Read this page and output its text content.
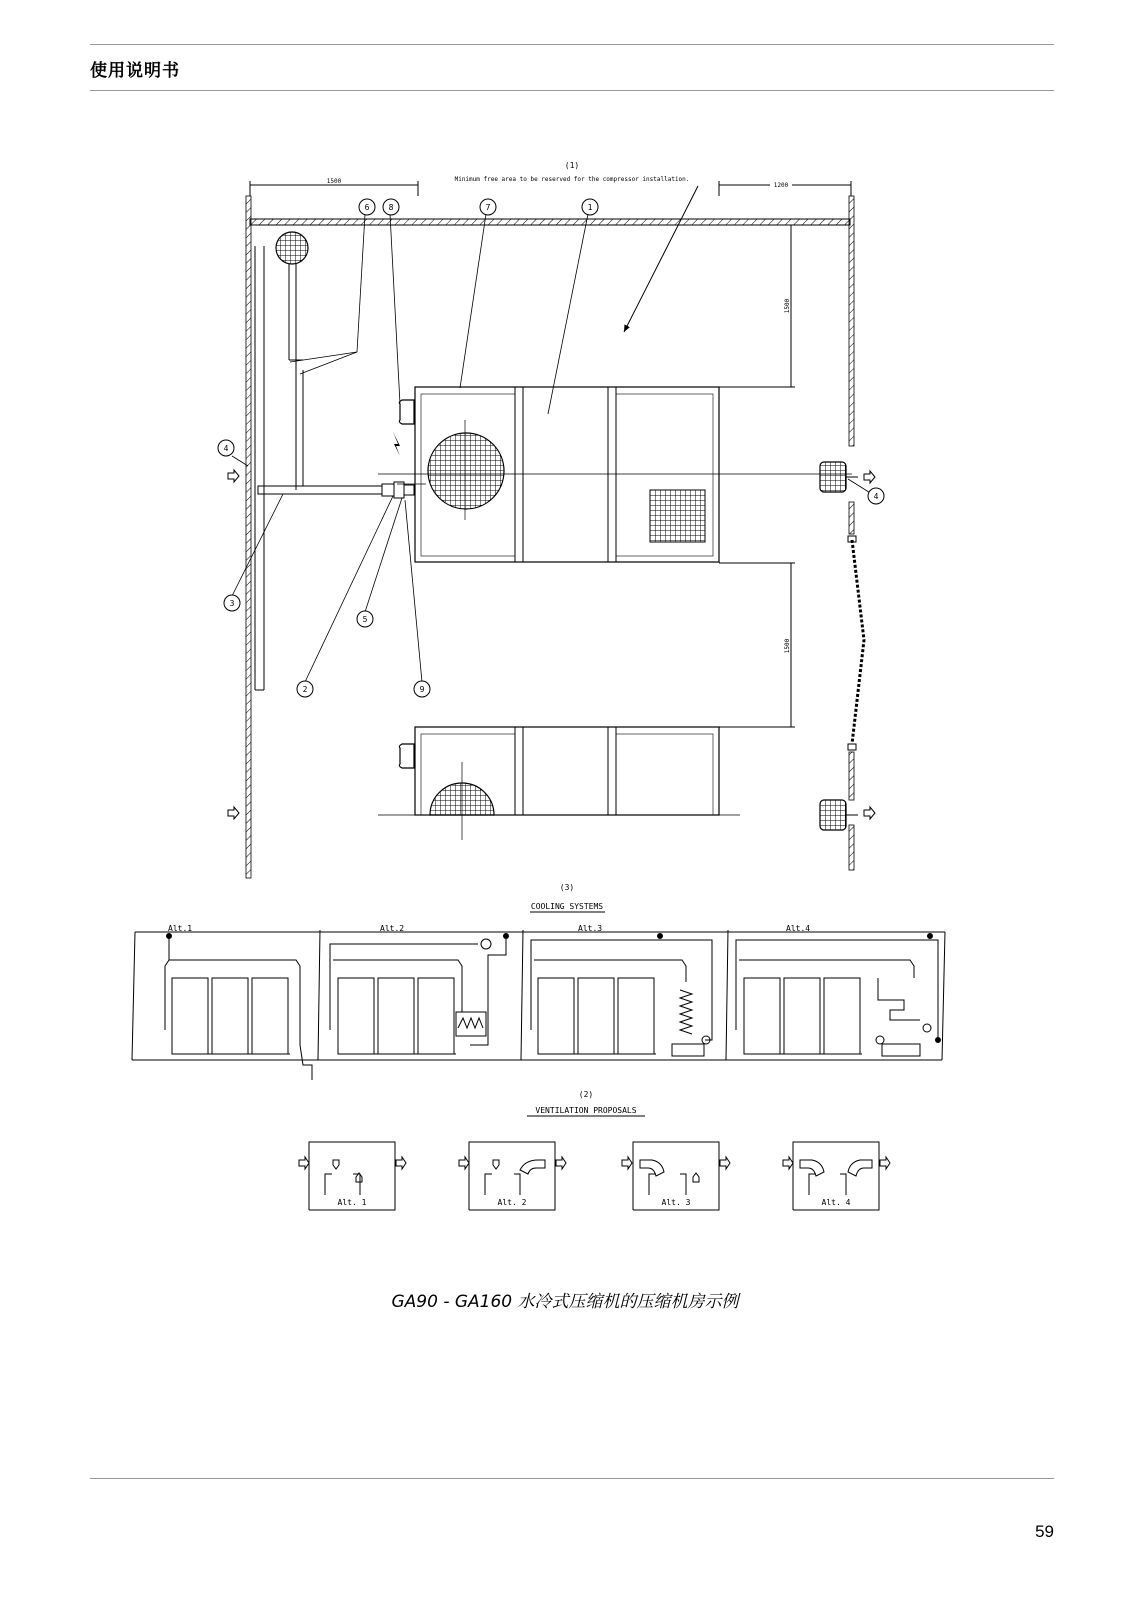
使用说明书
1500
1200
(1)
Minimum free area to be reserved for the compressor installation.
1500
1500
6 8	7	1
4
4
3
5
2	9
(3)
COOLING SYSTEMS
Alt.1	Alt.2	Alt.3	Alt.4
(2)
VENTILATION PROPOSALS
Alt. 1	Alt. 2	Alt. 3	Alt. 4
GA90 - GA160 水冷式压缩机的压缩机房示例
59
